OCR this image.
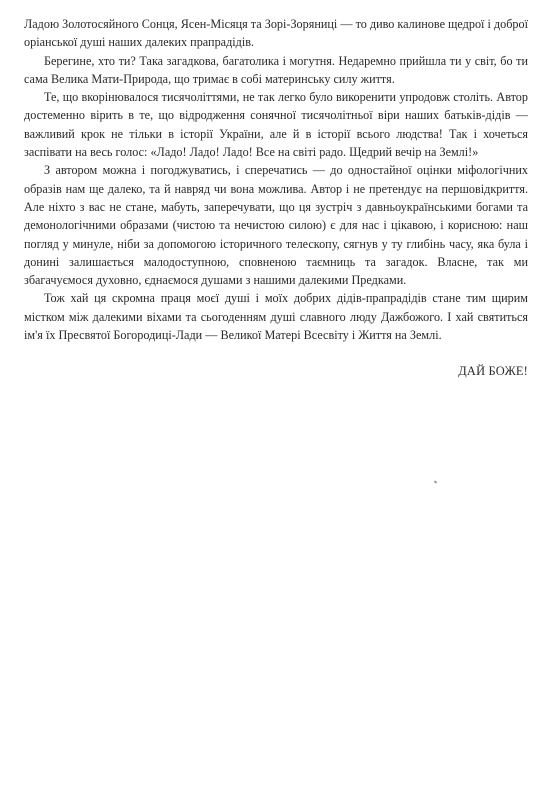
Ладою Золотосяйного Сонця, Ясен-Місяця та Зорі-Зоряниці — то диво калинове щедрої і доброї оріанської душі наших далеких прапрадідів.

Берегине, хто ти? Така загадкова, багатолика і могутня. Недаремно прийшла ти у світ, бо ти сама Велика Мати-Природа, що тримає в собі материнську силу життя.

Те, що вкорінювалося тисячоліттями, не так легко було викоренити упродовж століть. Автор достеменно вірить в те, що відродження сонячної тисячолітньої віри наших батьків-дідів — важливий крок не тільки в історії України, але й в історії всього людства! Так і хочеться заспівати на весь голос: «Ладо! Ладо! Ладо! Все на світі радо. Щедрий вечір на Землі!»

З автором можна і погоджуватись, і сперечатись — до одностайної оцінки міфологічних образів нам ще далеко, та й навряд чи вона можлива. Автор і не претендує на першовідкриття. Але ніхто з вас не стане, мабуть, заперечувати, що ця зустріч з давньоукраїнськими богами та демонологічними образами (чистою та нечистою силою) є для нас і цікавою, і корисною: наш погляд у минуле, ніби за допомогою історичного телескопу, сягнув у ту глибінь часу, яка була і донині залишається малодоступною, сповненою таємниць та загадок. Власне, так ми збагачуємося духовно, єднаємося душами з нашими далекими Предками.

Тож хай ця скромна праця моєї душі і моїх добрих дідів-прапрадідів стане тим щирим містком між далекими віхами та сьогоденням душі славного люду Дажбожого. І хай святиться ім'я їх Пресвятої Богородиці-Лади — Великої Матері Всесвіту і Життя на Землі.

ДАЙ БОЖЕ!
